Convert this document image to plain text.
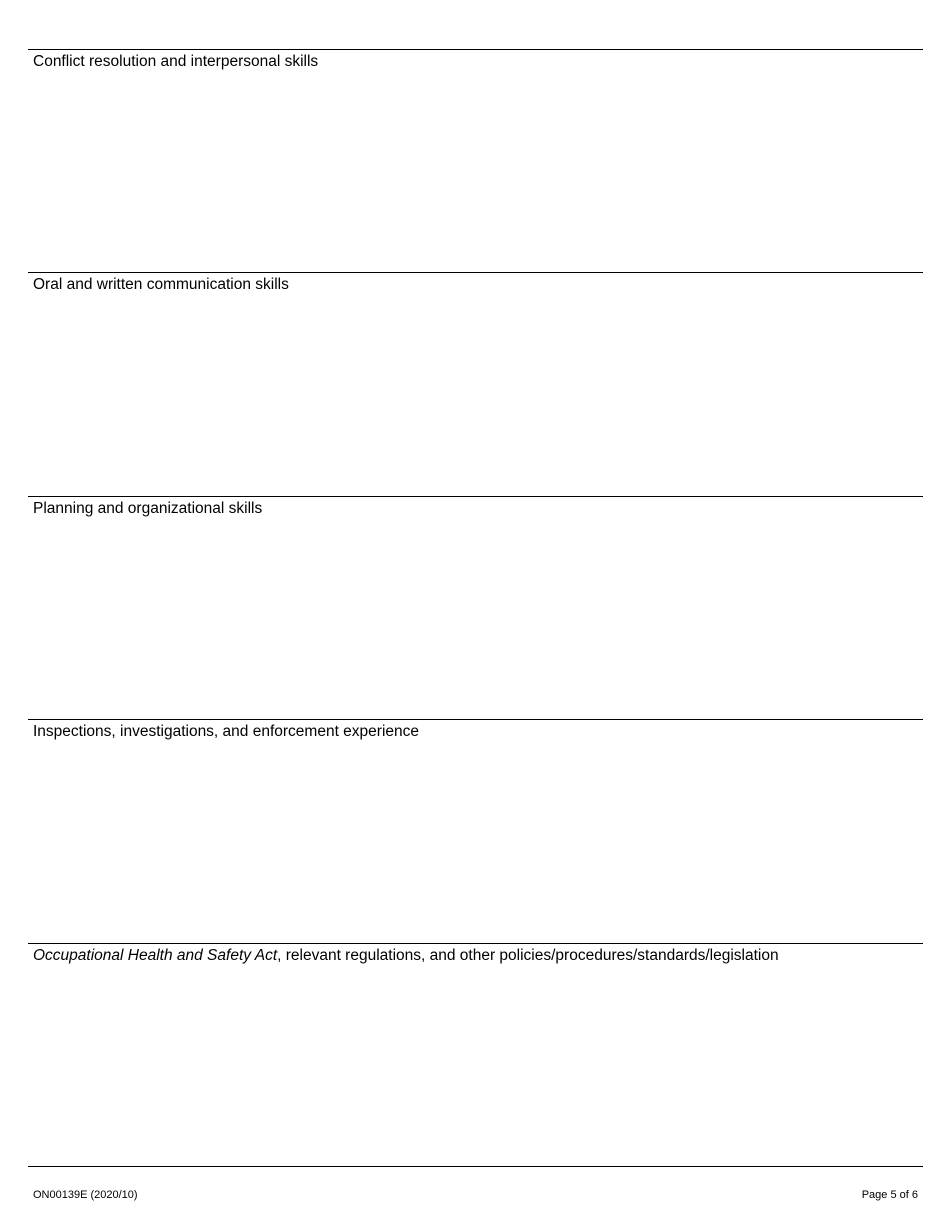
Conflict resolution and interpersonal skills
Oral and written communication skills
Planning and organizational skills
Inspections, investigations, and enforcement experience
Occupational Health and Safety Act, relevant regulations, and other policies/procedures/standards/legislation
ON00139E (2020/10)	Page 5 of 6
